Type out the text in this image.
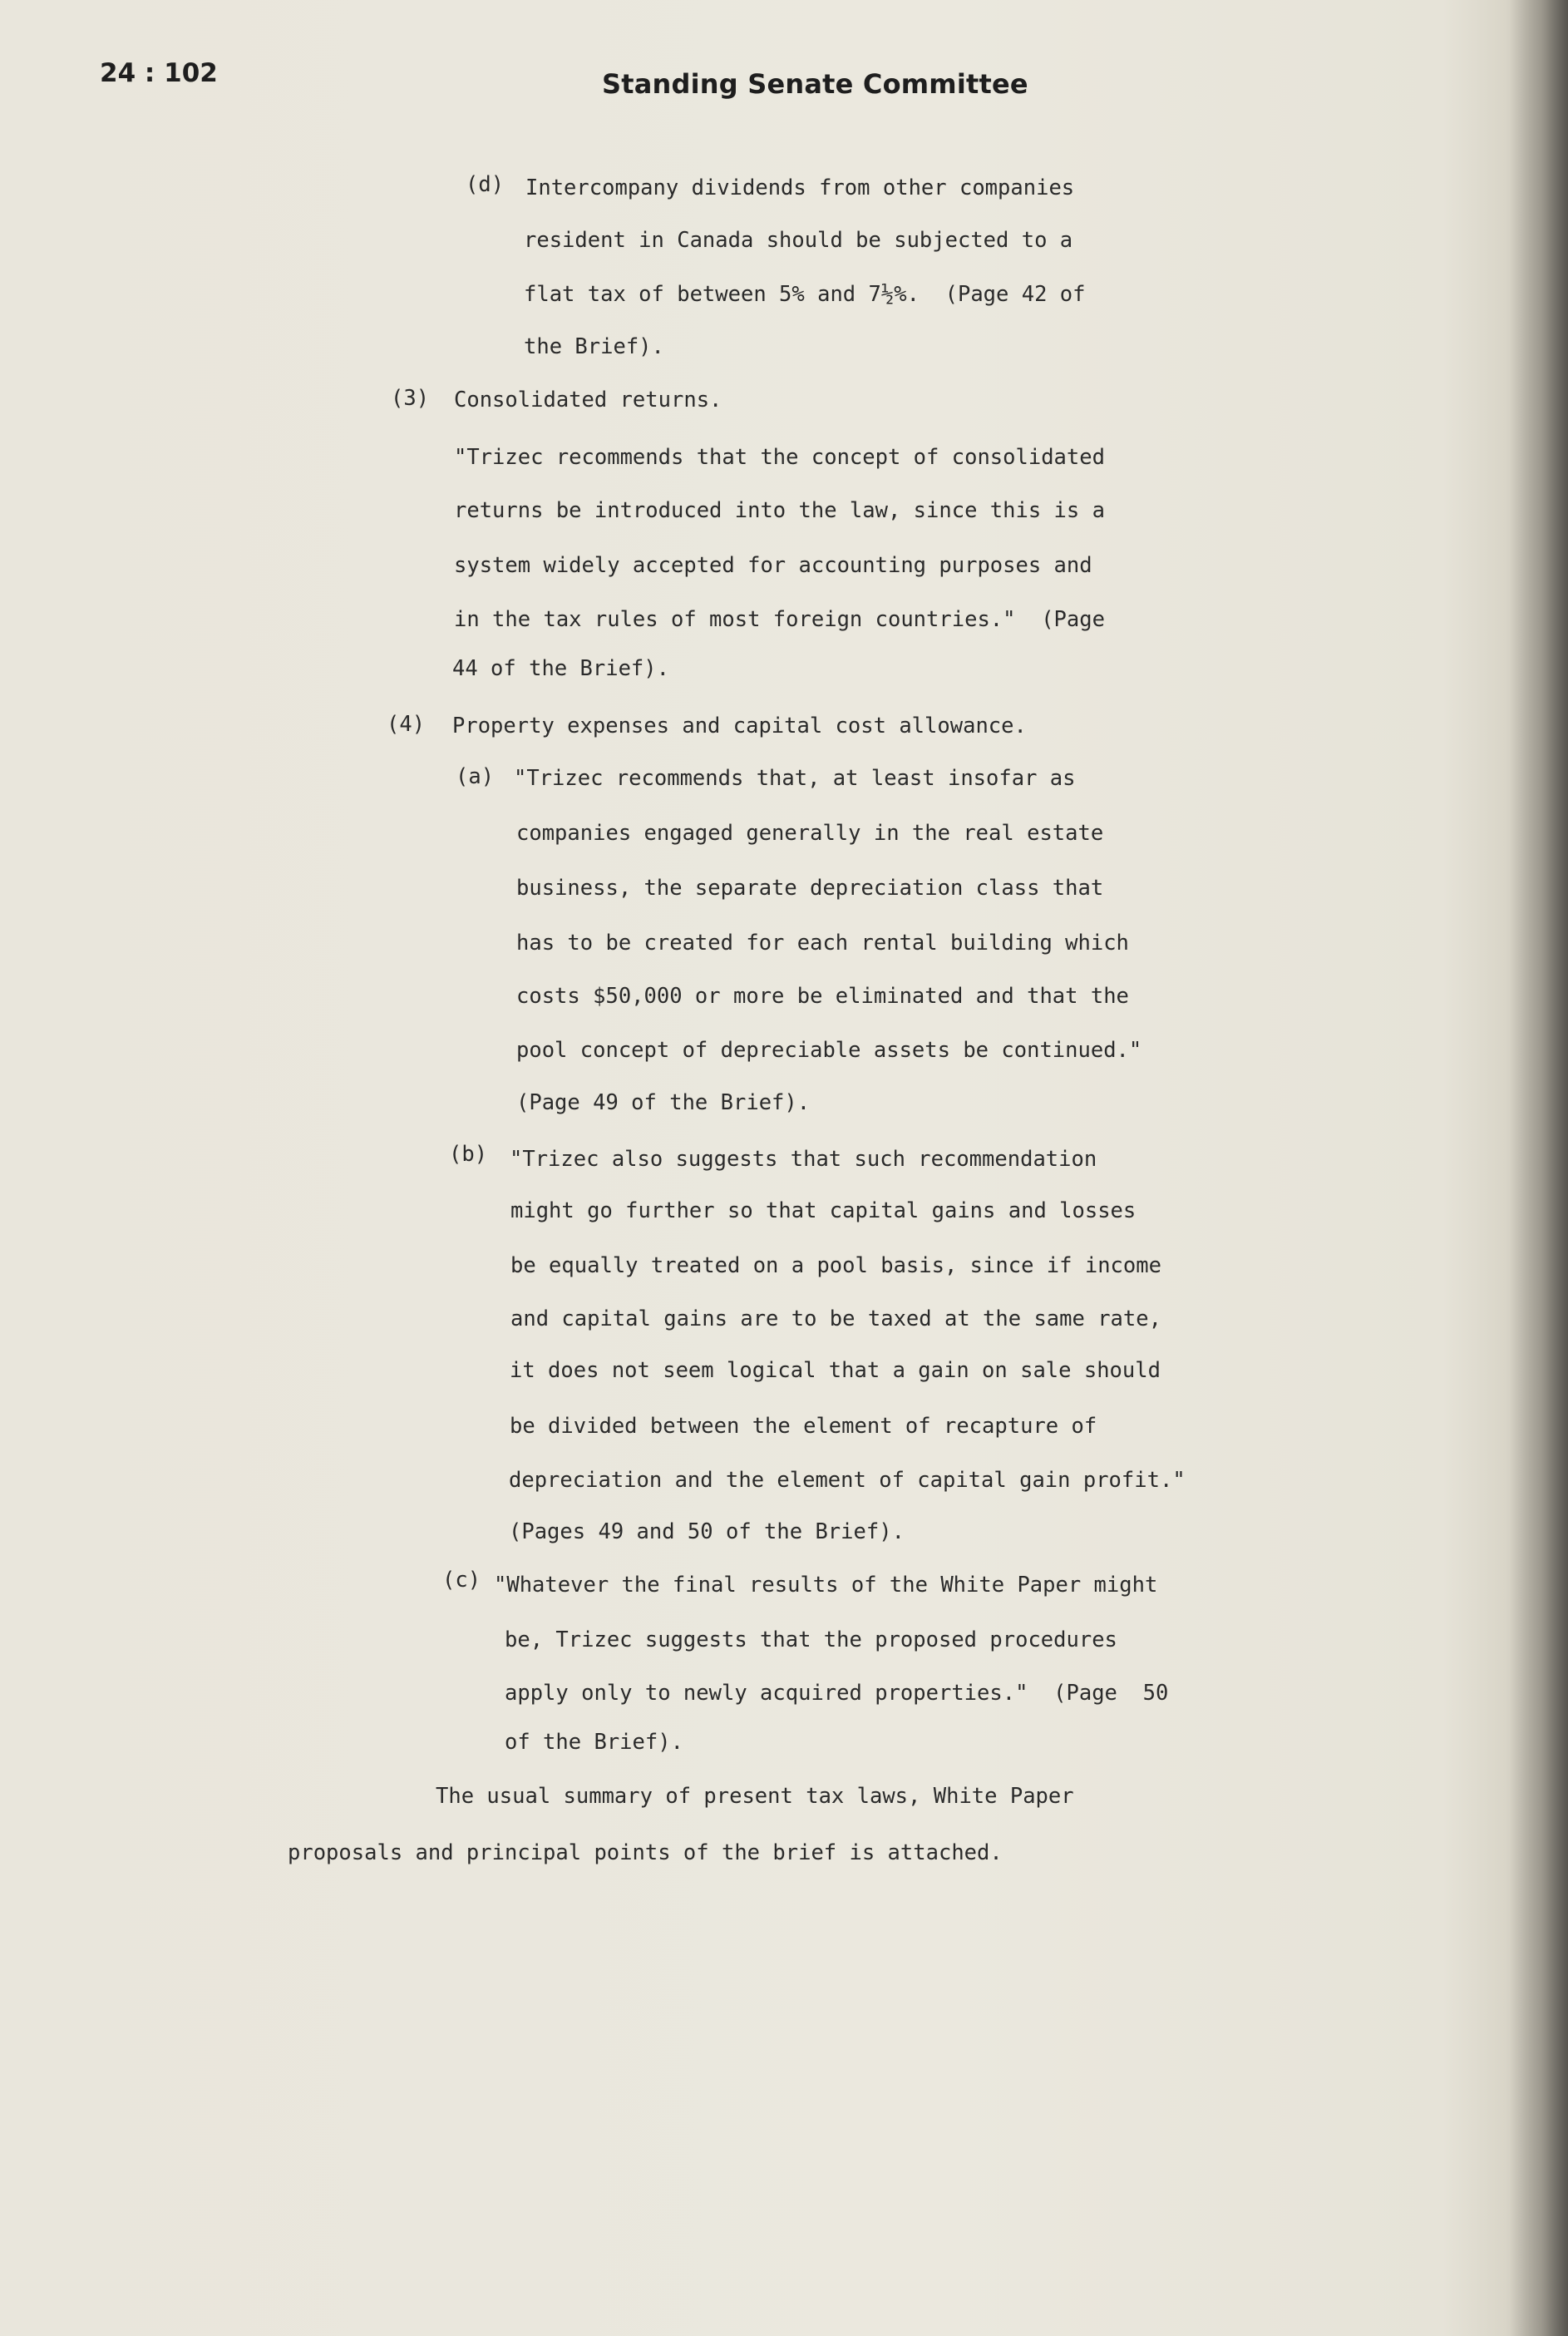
24 : 102	Standing Senate Committee
(d) Intercompany dividends from other companies
resident in Canada should be subjected to a
flat tax of between 5% and 7½%.  (Page 42 of
the Brief).
(3) Consolidated returns.
"Trizec recommends that the concept of consolidated
returns be introduced into the law, since this is a
system widely accepted for accounting purposes and
in the tax rules of most foreign countries."  (Page
44 of the Brief).
(4) Property expenses and capital cost allowance.
(a) "Trizec recommends that, at least insofar as
companies engaged generally in the real estate
business, the separate depreciation class that
has to be created for each rental building which
costs $50,000 or more be eliminated and that the
pool concept of depreciable assets be continued."
(Page 49 of the Brief).
(b) "Trizec also suggests that such recommendation
might go further so that capital gains and losses
be equally treated on a pool basis, since if income
and capital gains are to be taxed at the same rate,
it does not seem logical that a gain on sale should
be divided between the element of recapture of
depreciation and the element of capital gain profit."
(Pages 49 and 50 of the Brief).
(c) "Whatever the final results of the White Paper might
be, Trizec suggests that the proposed procedures
apply only to newly acquired properties."  (Page  50
of the Brief).
The usual summary of present tax laws, White Paper
proposals and principal points of the brief is attached.
